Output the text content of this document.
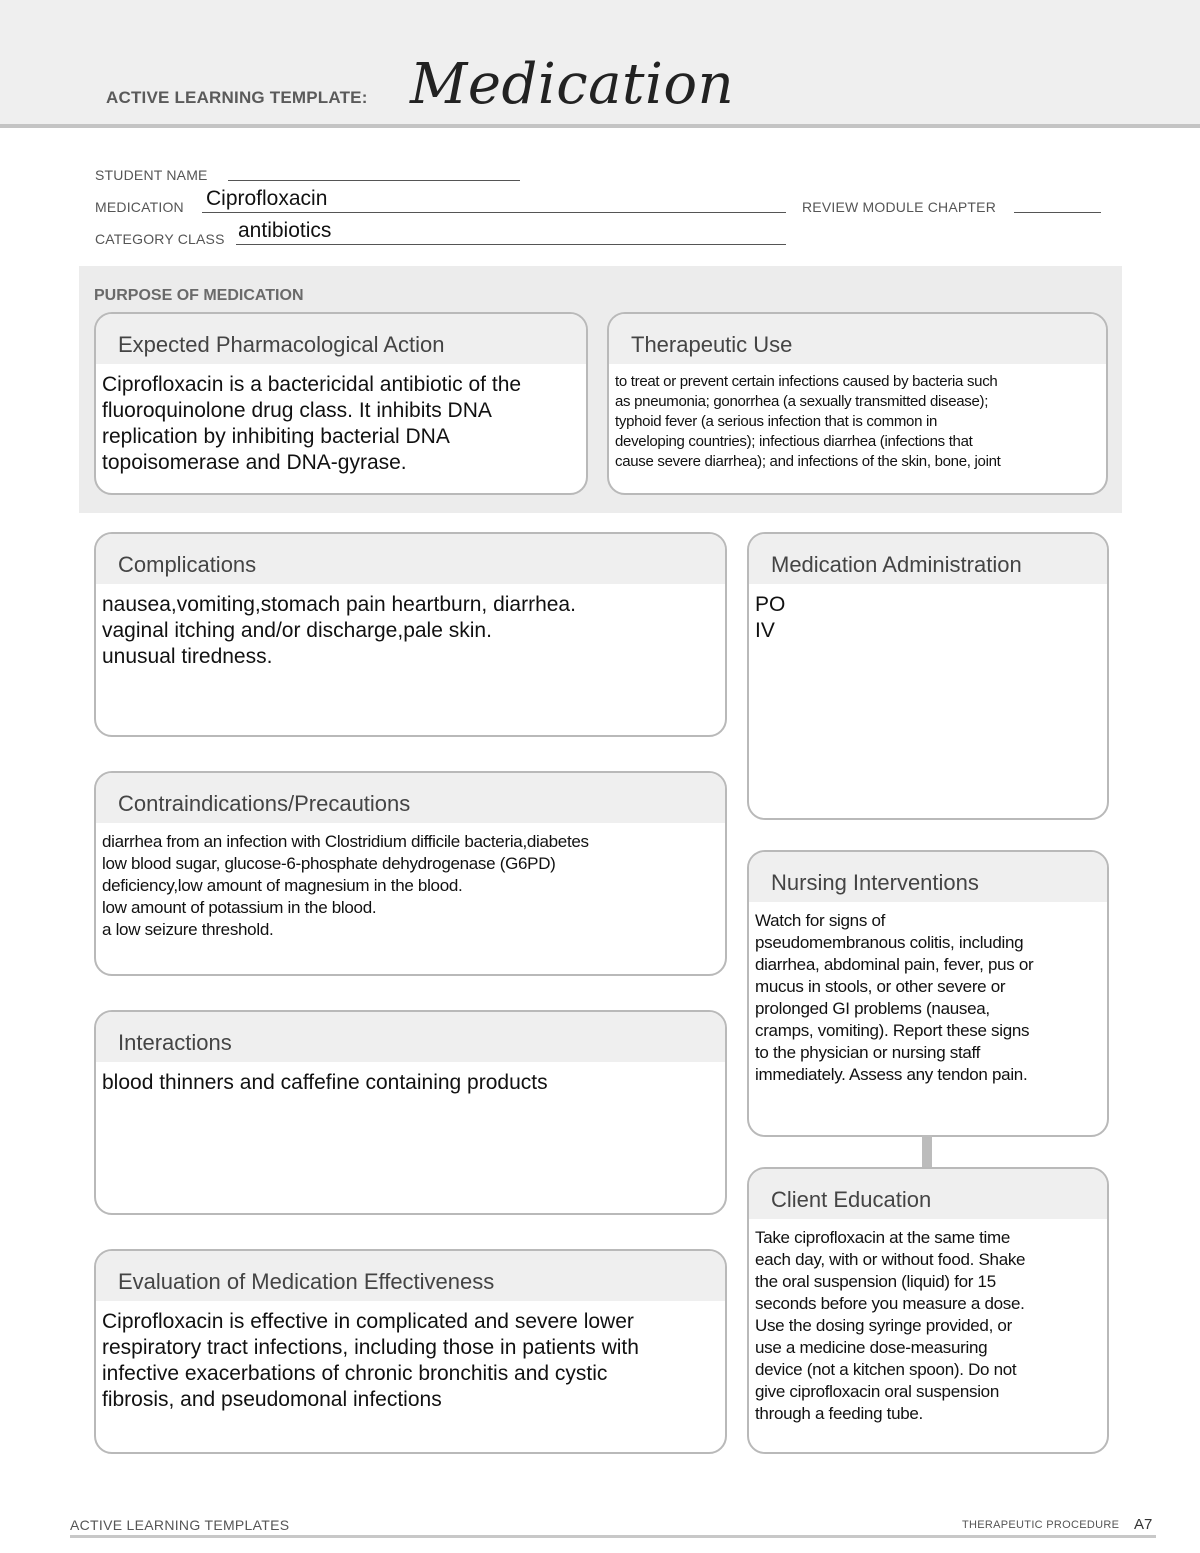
ACTIVE LEARNING TEMPLATE: Medication
STUDENT NAME
MEDICATION Ciprofloxacin	REVIEW MODULE CHAPTER
CATEGORY CLASS antibiotics
PURPOSE OF MEDICATION
Expected Pharmacological Action
Ciprofloxacin is a bactericidal antibiotic of the
fluoroquinolone drug class. It inhibits DNA
replication by inhibiting bacterial DNA
topoisomerase and DNA-gyrase.
Therapeutic Use
to treat or prevent certain infections caused by bacteria such
as pneumonia; gonorrhea (a sexually transmitted disease);
typhoid fever (a serious infection that is common in
developing countries); infectious diarrhea (infections that
cause severe diarrhea); and infections of the skin, bone, joint
Complications
nausea,vomiting,stomach pain heartburn, diarrhea.
vaginal itching and/or discharge,pale skin.
unusual tiredness.
Medication Administration
PO
IV
Contraindications/Precautions
diarrhea from an infection with Clostridium difficile bacteria,diabetes
low blood sugar, glucose-6-phosphate dehydrogenase (G6PD)
deficiency,low amount of magnesium in the blood.
low amount of potassium in the blood.
a low seizure threshold.
Nursing Interventions
Watch for signs of
pseudomembranous colitis, including
diarrhea, abdominal pain, fever, pus or
mucus in stools, or other severe or
prolonged GI problems (nausea,
cramps, vomiting). Report these signs
to the physician or nursing staff
immediately. Assess any tendon pain.
Interactions
blood thinners and caffefine containing products
Client Education
Take ciprofloxacin at the same time
each day, with or without food. Shake
the oral suspension (liquid) for 15
seconds before you measure a dose.
Use the dosing syringe provided, or
use a medicine dose-measuring
device (not a kitchen spoon). Do not
give ciprofloxacin oral suspension
through a feeding tube.
Evaluation of Medication Effectiveness
Ciprofloxacin is effective in complicated and severe lower
respiratory tract infections, including those in patients with
infective exacerbations of chronic bronchitis and cystic
fibrosis, and pseudomonal infections
ACTIVE LEARNING TEMPLATES	THERAPEUTIC PROCEDURE A7
